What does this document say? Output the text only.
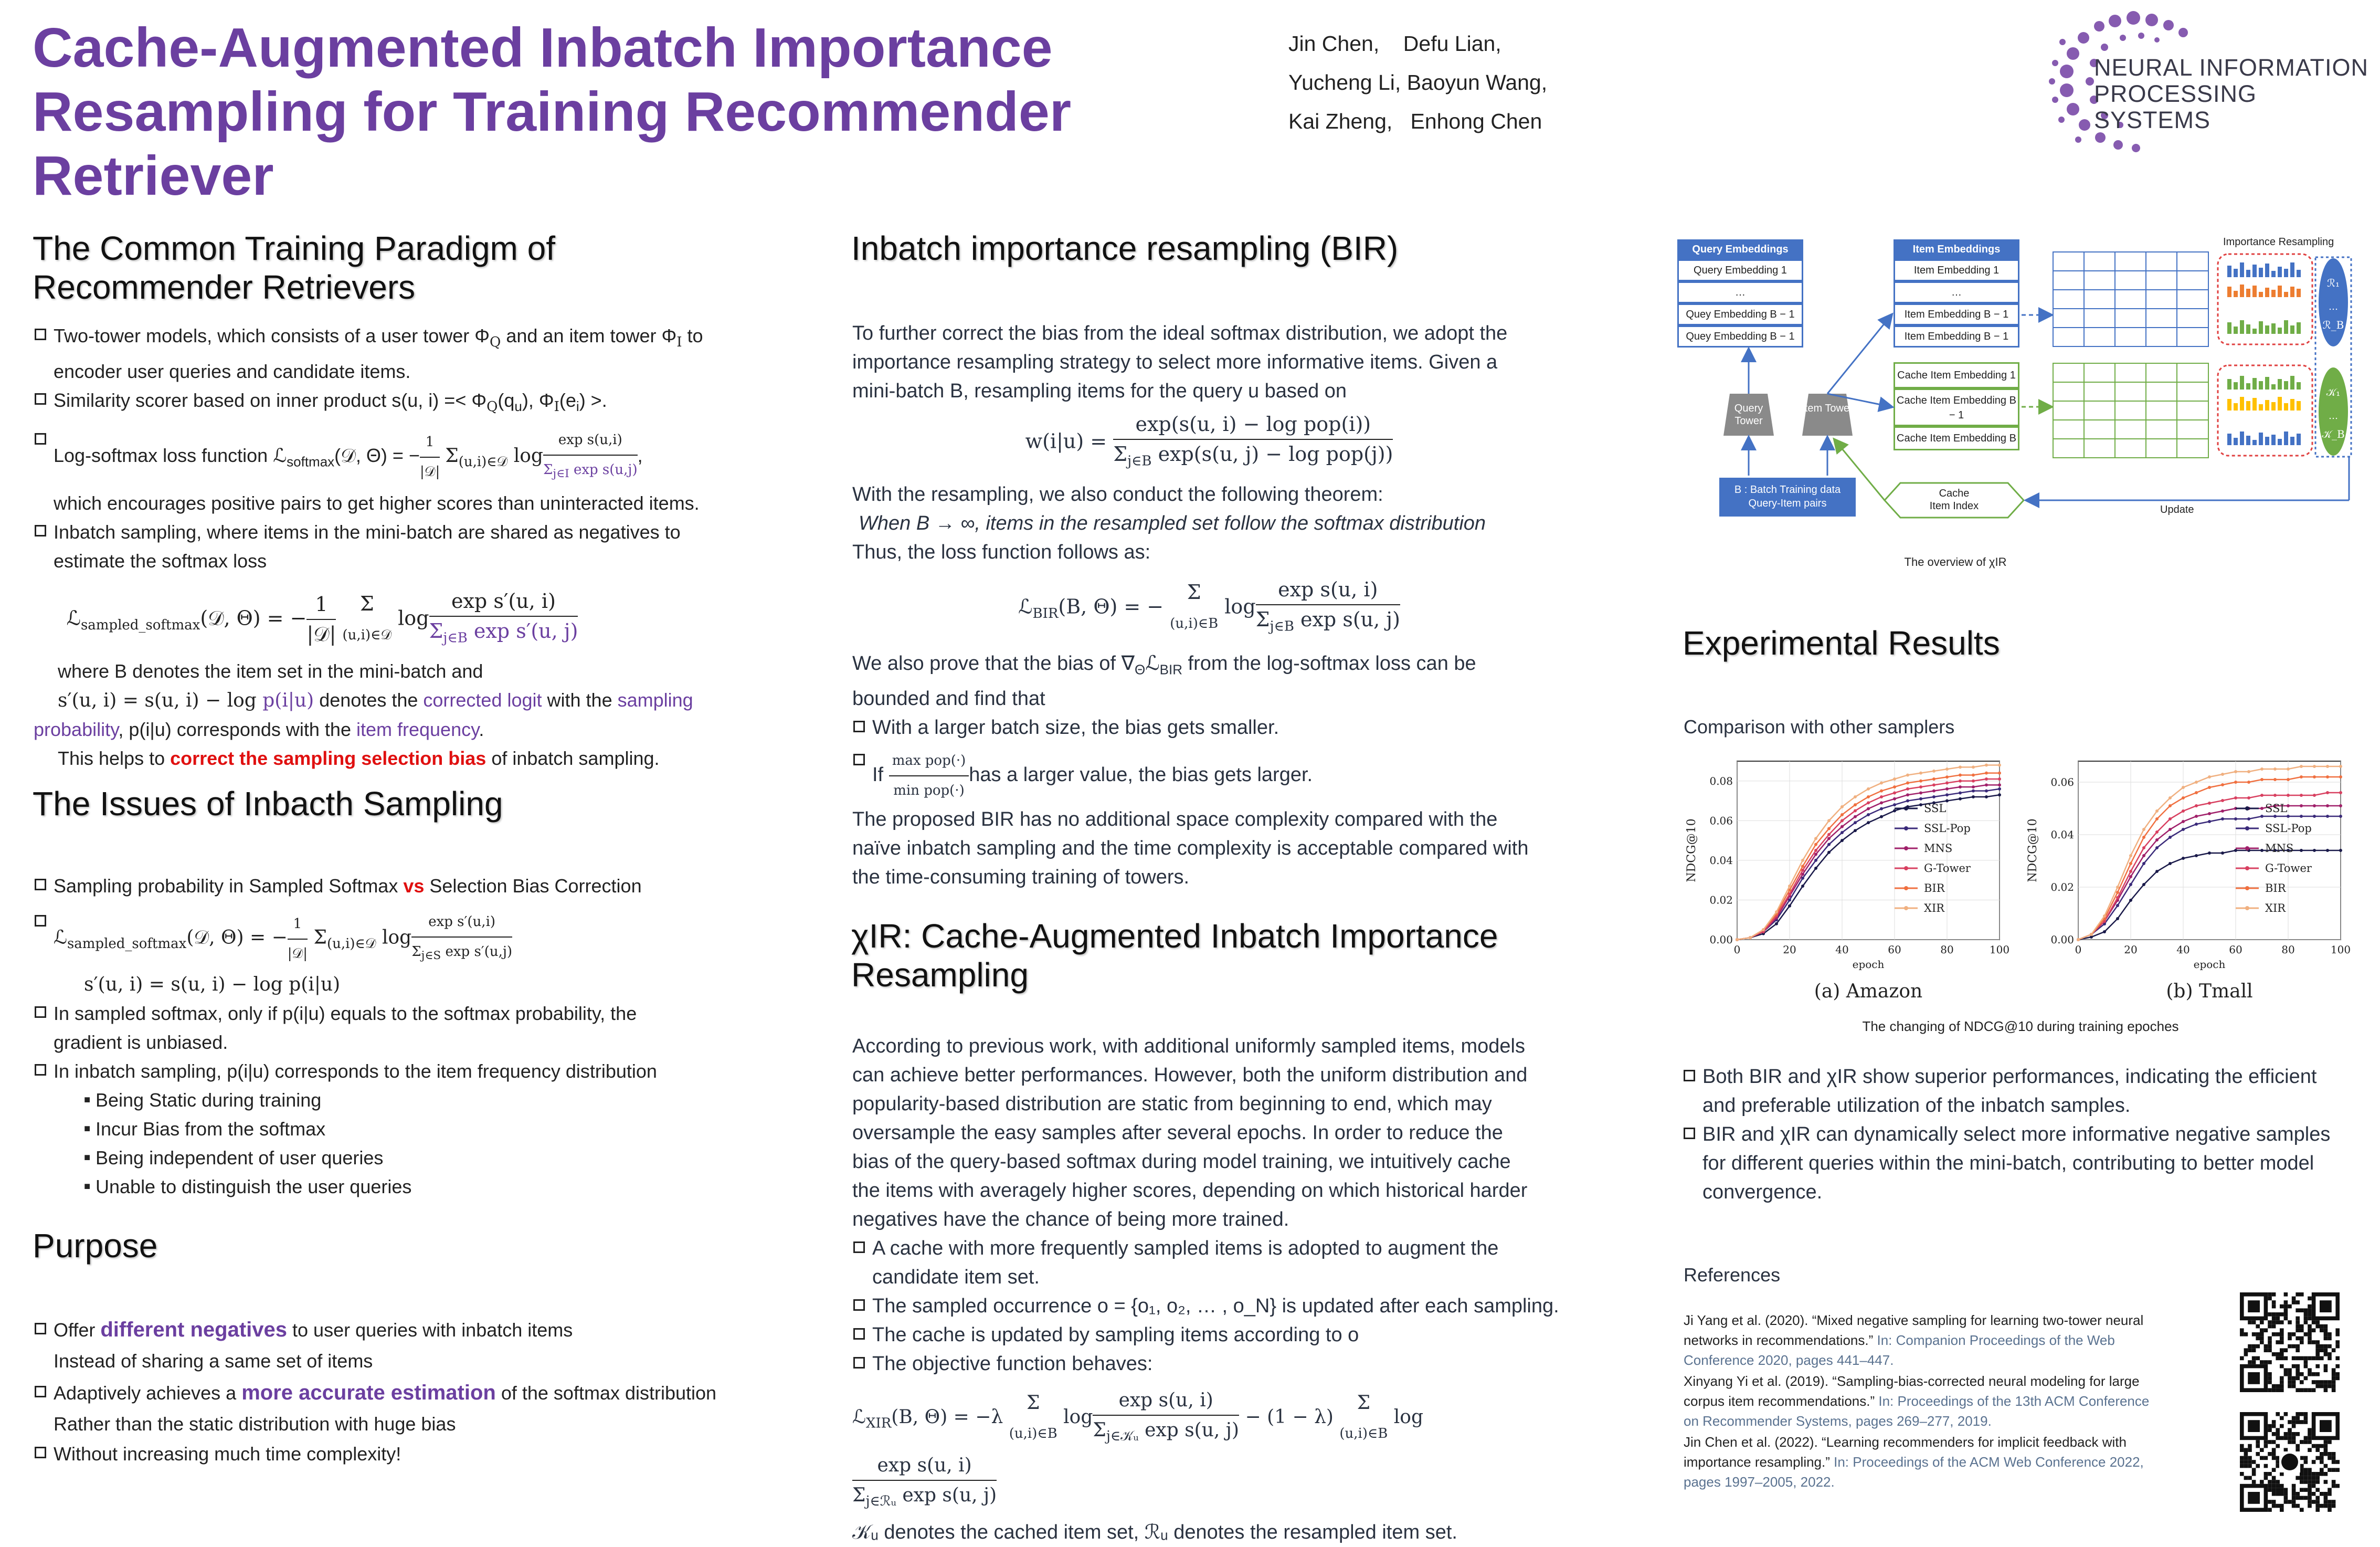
Cache-Augmented Inbatch Importance
Resampling for Training Recommender Retriever
Jin Chen, Defu Lian,
Yucheng Li, Baoyun Wang,
Kai Zheng, Enhong Chen
NEURAL INFORMATION
PROCESSING SYSTEMS
The Common Training Paradigm of
Recommender Retrievers

Two-tower models, which consists of a user tower $\Phi_Q$ and an item tower $\Phi_I$ to

encoder user queries and candidate items.

Similarity scorer based on inner product s(u, $i) =< \Phi_Q(q_u)$, $\Phi_I(e_i)$ >.

Log-softmax loss function ℒ$_{softmax}$(𝒟, Θ) = − $\frac{1}{\text{|𝒟|}} \Sigma_{(u,i)\in 𝒟}$ $\log \frac{\text{exp s(u,i)}}{\Sigma_{j\in I} \exp s(u,j)}$ ,

which encourages positive pairs to get higher scores than uninteracted items.

Inbatch sampling, where items in the mini-batch are shared as negatives to

estimate the softmax loss

ℒ$_{sampled\_softmax}$(𝒟, Θ) = − $\frac{1}{\text{|𝒟|}}$ Σ
(u,i)∈𝒟 $\log \frac{\text{exp s′(u, i)}}{\Sigma_{j\in B} \exp s'(u, j)}$

where B denotes the item set in the mini-batch and

s′(u, i) = s(u, i) − log p(i|u) denotes the corrected logit with the sampling

probability, p(i|u) corresponds with the item frequency.

This helps to correct the sampling selection bias of inbatch sampling.

The Issues of Inbacth Sampling

Sampling probability in Sampled Softmax vs Selection Bias Correction

ℒ$_{sampled\_softmax}$(𝒟, Θ) = − $\frac{1}{\text{|𝒟|}} \Sigma_{(u,i)\in 𝒟}$ $\log \frac{\text{exp s′(u,i)}}{\Sigma_{j\in S} \exp s'(u,j)}$

s′(u, i) = s(u, i) − log p(i|u)

In sampled softmax, only if p(i|u) equals to the softmax probability, the

gradient is unbiased.

In inbatch sampling, p(i|u) corresponds to the item frequency distribution

■ Being Static during training

■ Incur Bias from the softmax

■ Being independent of user queries

■ Unable to distinguish the user queries

Purpose

Offer different negatives to user queries with inbatch items

Instead of sharing a same set of items

Adaptively achieves a more accurate estimation of the softmax distribution

Rather than the static distribution with huge bias

Without increasing much time complexity!

Inbatch importance resampling (BIR)

To further correct the bias from the ideal softmax distribution, we adopt the

importance resampling strategy to select more informative items. Given a

mini-batch B, resampling items for the query u based on

$w(i|u) = \frac{\text{exp(s(u, i) − log pop(i))}}{\Sigma_{j\in B} \exp(s(u, j) - \log pop(j))}$

With the resampling, we also conduct the following theorem:

When B → ∞, items in the resampled set follow the softmax distribution

Thus, the loss function follows as:

ℒ$_{BIR}$(B, Θ) = − Σ
(u,i)∈B $\log \frac{\text{exp s(u, i)}}{\Sigma_{j\in B} \exp s(u, j)}$

We also prove that the bias of $\nabla_\Theta ℒ_{BIR}$ from the log-softmax loss can be

bounded and find that

With a larger batch size, the bias gets smaller.

If $\frac{\text{max pop(·)}}{\text{min pop(·)}}$ has a larger value, the bias gets larger.

The proposed BIR has no additional space complexity compared with the

naïve inbatch sampling and the time complexity is acceptable compared with

the time-consuming training of towers.

χIR: Cache-Augmented Inbatch Importance
Resampling

According to previous work, with additional uniformly sampled items, models

can achieve better performances. However, both the uniform distribution and

popularity-based distribution are static from beginning to end, which may

oversample the easy samples after several epochs. In order to reduce the

bias of the query-based softmax during model training, we intuitively cache

the items with averagely higher scores, depending on which historical harder

negatives have the chance of being more trained.

A cache with more frequently sampled items is adopted to augment the

candidate item set.

The sampled occurrence o = {o₁, o₂, … , o_N} is updated after each sampling.

The cache is updated by sampling items according to o

The objective function behaves:

ℒ$_{XIR}$(B, Θ) = −λ Σ
(u,i)∈B $\log \frac{\text{exp s(u, i)}}{\Sigma_{j\in 𝒦ᵤ} \exp s(u, j)} - (1 - \lambda)$ Σ
(u,i)∈B log
$\frac{\text{exp s(u, i)}}{\Sigma_{j\in ℛᵤ} \exp s(u, j)}$

𝒦ᵤ denotes the cached item set, ℛᵤ denotes the resampled item set.

Query Embeddings
Query Embedding 1
…
Quey Embedding B − 1
Quey Embedding B − 1
Item Embeddings
Item Embedding 1
…
Item Embedding B − 1
Item Embedding B − 1
Cache Item Embedding 1
Cache Item Embedding B − 1
Cache Item Embedding B
ℛ₁
…
ℛ_B
𝒦₁
…
𝒦_B
Query Tower
Item Tower
B : Batch Training data
Query-Item pairs
Cache
Item Index	Update
Importance Resampling
The overview of χIR
Experimental Results
Comparison with other samplers
0	20	40	60	80	100
0.00
0.02
0.04
0.06
0.08
SSL
SSL-Pop
MNS
G-Tower
BIR
XIR
epoch
NDCG@10
(a) Amazon
0	20	40	60	80	100
0.00
0.02
0.04
0.06
SSL
SSL-Pop
MNS
G-Tower
BIR
XIR
epoch
NDCG@10
(b) Tmall
The changing of NDCG@10 during training epoches

Both BIR and χIR show superior performances, indicating the efficient

and preferable utilization of the inbatch samples.

BIR and χIR can dynamically select more informative negative samples

for different queries within the mini-batch, contributing to better model

convergence.

References
Ji Yang et al. (2020). “Mixed negative sampling for learning two-tower neural
networks in recommendations.” In: Companion Proceedings of the Web
Conference 2020, pages 441–447.
Xinyang Yi et al. (2019). “Sampling-bias-corrected neural modeling for large
corpus item recommendations.” In: Proceedings of the 13th ACM Conference
on Recommender Systems, pages 269–277, 2019.
Jin Chen et al. (2022). “Learning recommenders for implicit feedback with
importance resampling.” In: Proceedings of the ACM Web Conference 2022,
pages 1997–2005, 2022.
